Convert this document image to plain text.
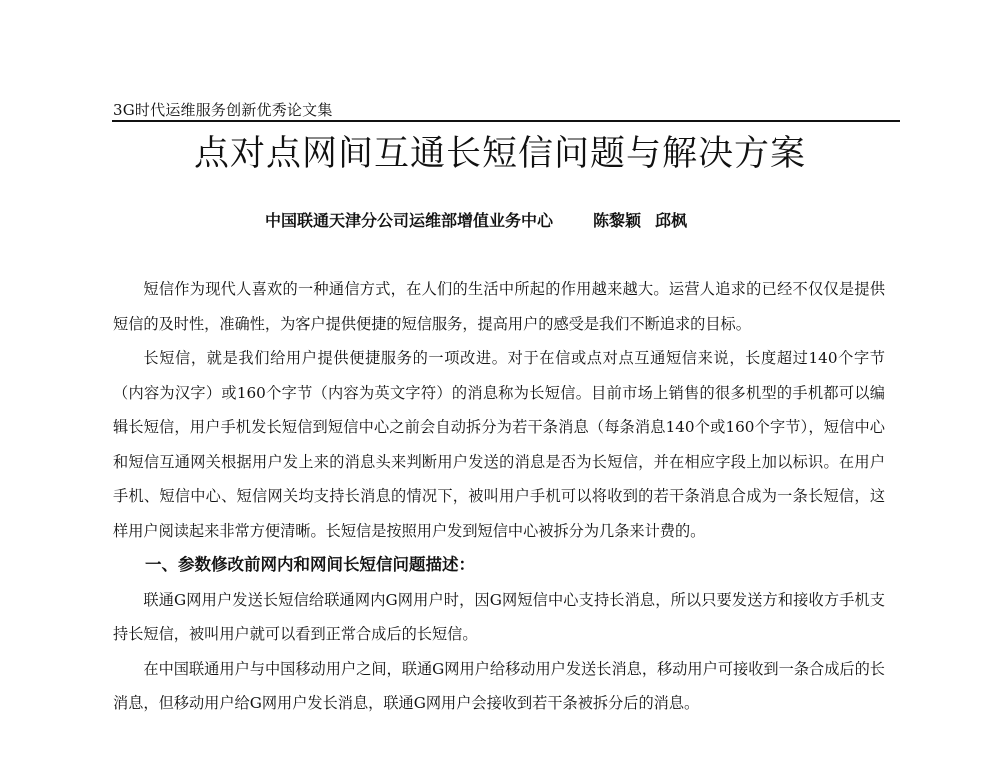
3G时代运维服务创新优秀论文集
点对点网间互通长短信问题与解决方案
中国联通天津分公司运维部增值业务中心	陈黎颖 邱枫

短信作为现代人喜欢的一种通信方式，在人们的生活中所起的作用越来越大。运营人追求的已经不仅仅是提供短信的及时性，准确性，为客户提供便捷的短信服务，提高用户的感受是我们不断追求的目标。

长短信，就是我们给用户提供便捷服务的一项改进。对于在信或点对点互通短信来说，长度超过140个字节（内容为汉字）或160个字节（内容为英文字符）的消息称为长短信。目前市场上销售的很多机型的手机都可以编辑长短信，用户手机发长短信到短信中心之前会自动拆分为若干条消息（每条消息140个或160个字节），短信中心和短信互通网关根据用户发上来的消息头来判断用户发送的消息是否为长短信，并在相应字段上加以标识。在用户手机、短信中心、短信网关均支持长消息的情况下，被叫用户手机可以将收到的若干条消息合成为一条长短信，这样用户阅读起来非常方便清晰。长短信是按照用户发到短信中心被拆分为几条来计费的。

一、参数修改前网内和网间长短信问题描述：

联通G网用户发送长短信给联通网内G网用户时，因G网短信中心支持长消息，所以只要发送方和接收方手机支持长短信，被叫用户就可以看到正常合成后的长短信。

在中国联通用户与中国移动用户之间，联通G网用户给移动用户发送长消息，移动用户可接收到一条合成后的长消息，但移动用户给G网用户发长消息，联通G网用户会接收到若干条被拆分后的消息。
